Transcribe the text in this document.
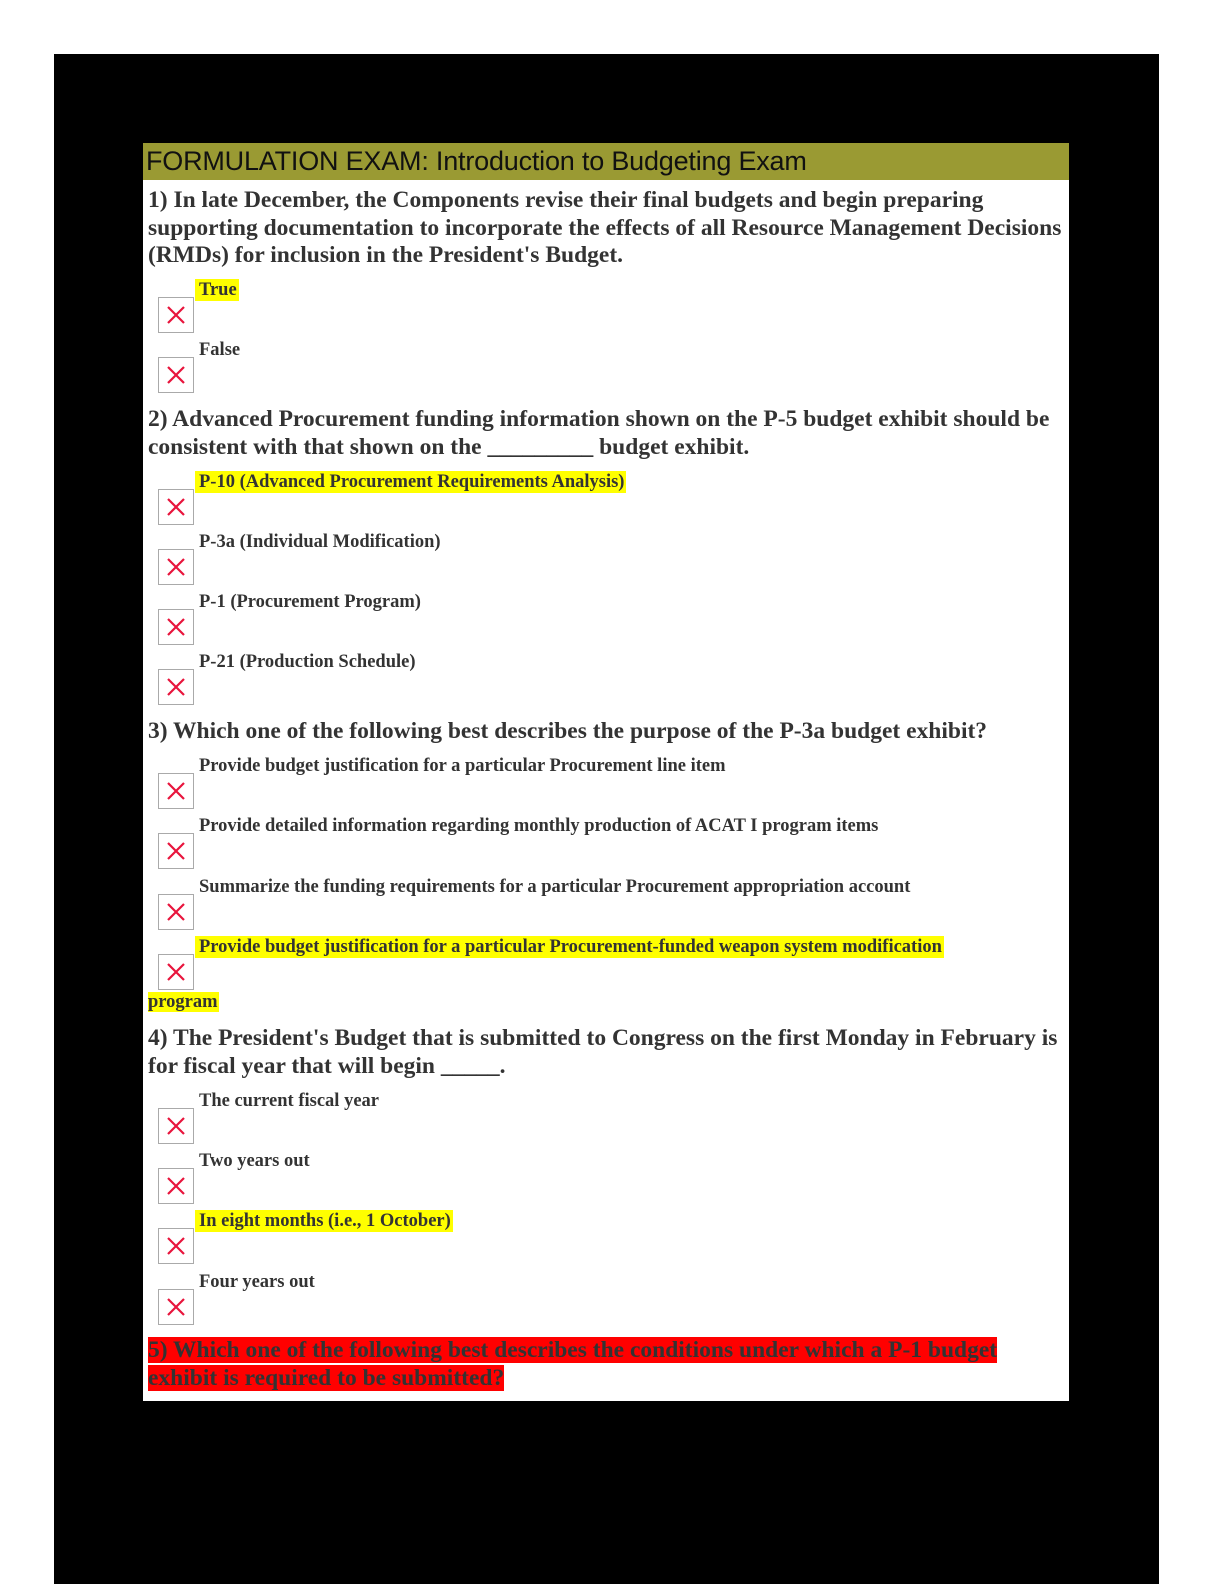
FORMULATION EXAM: Introduction to Budgeting Exam
1) In late December, the Components revise their final budgets and begin preparing supporting documentation to incorporate the effects of all Resource Management Decisions (RMDs) for inclusion in the President's Budget.
True
False
2) Advanced Procurement funding information shown on the P-5 budget exhibit should be consistent with that shown on the _________ budget exhibit.
P-10 (Advanced Procurement Requirements Analysis)
P-3a (Individual Modification)
P-1 (Procurement Program)
P-21 (Production Schedule)
3) Which one of the following best describes the purpose of the P-3a budget exhibit?
Provide budget justification for a particular Procurement line item
Provide detailed information regarding monthly production of ACAT I program items
Summarize the funding requirements for a particular Procurement appropriation account
Provide budget justification for a particular Procurement-funded weapon system modification
program
4) The President's Budget that is submitted to Congress on the first Monday in February is for fiscal year that will begin _____.
The current fiscal year
Two years out
In eight months (i.e., 1 October)
Four years out
5) Which one of the following best describes the conditions under which a P-1 budget
exhibit is required to be submitted?
